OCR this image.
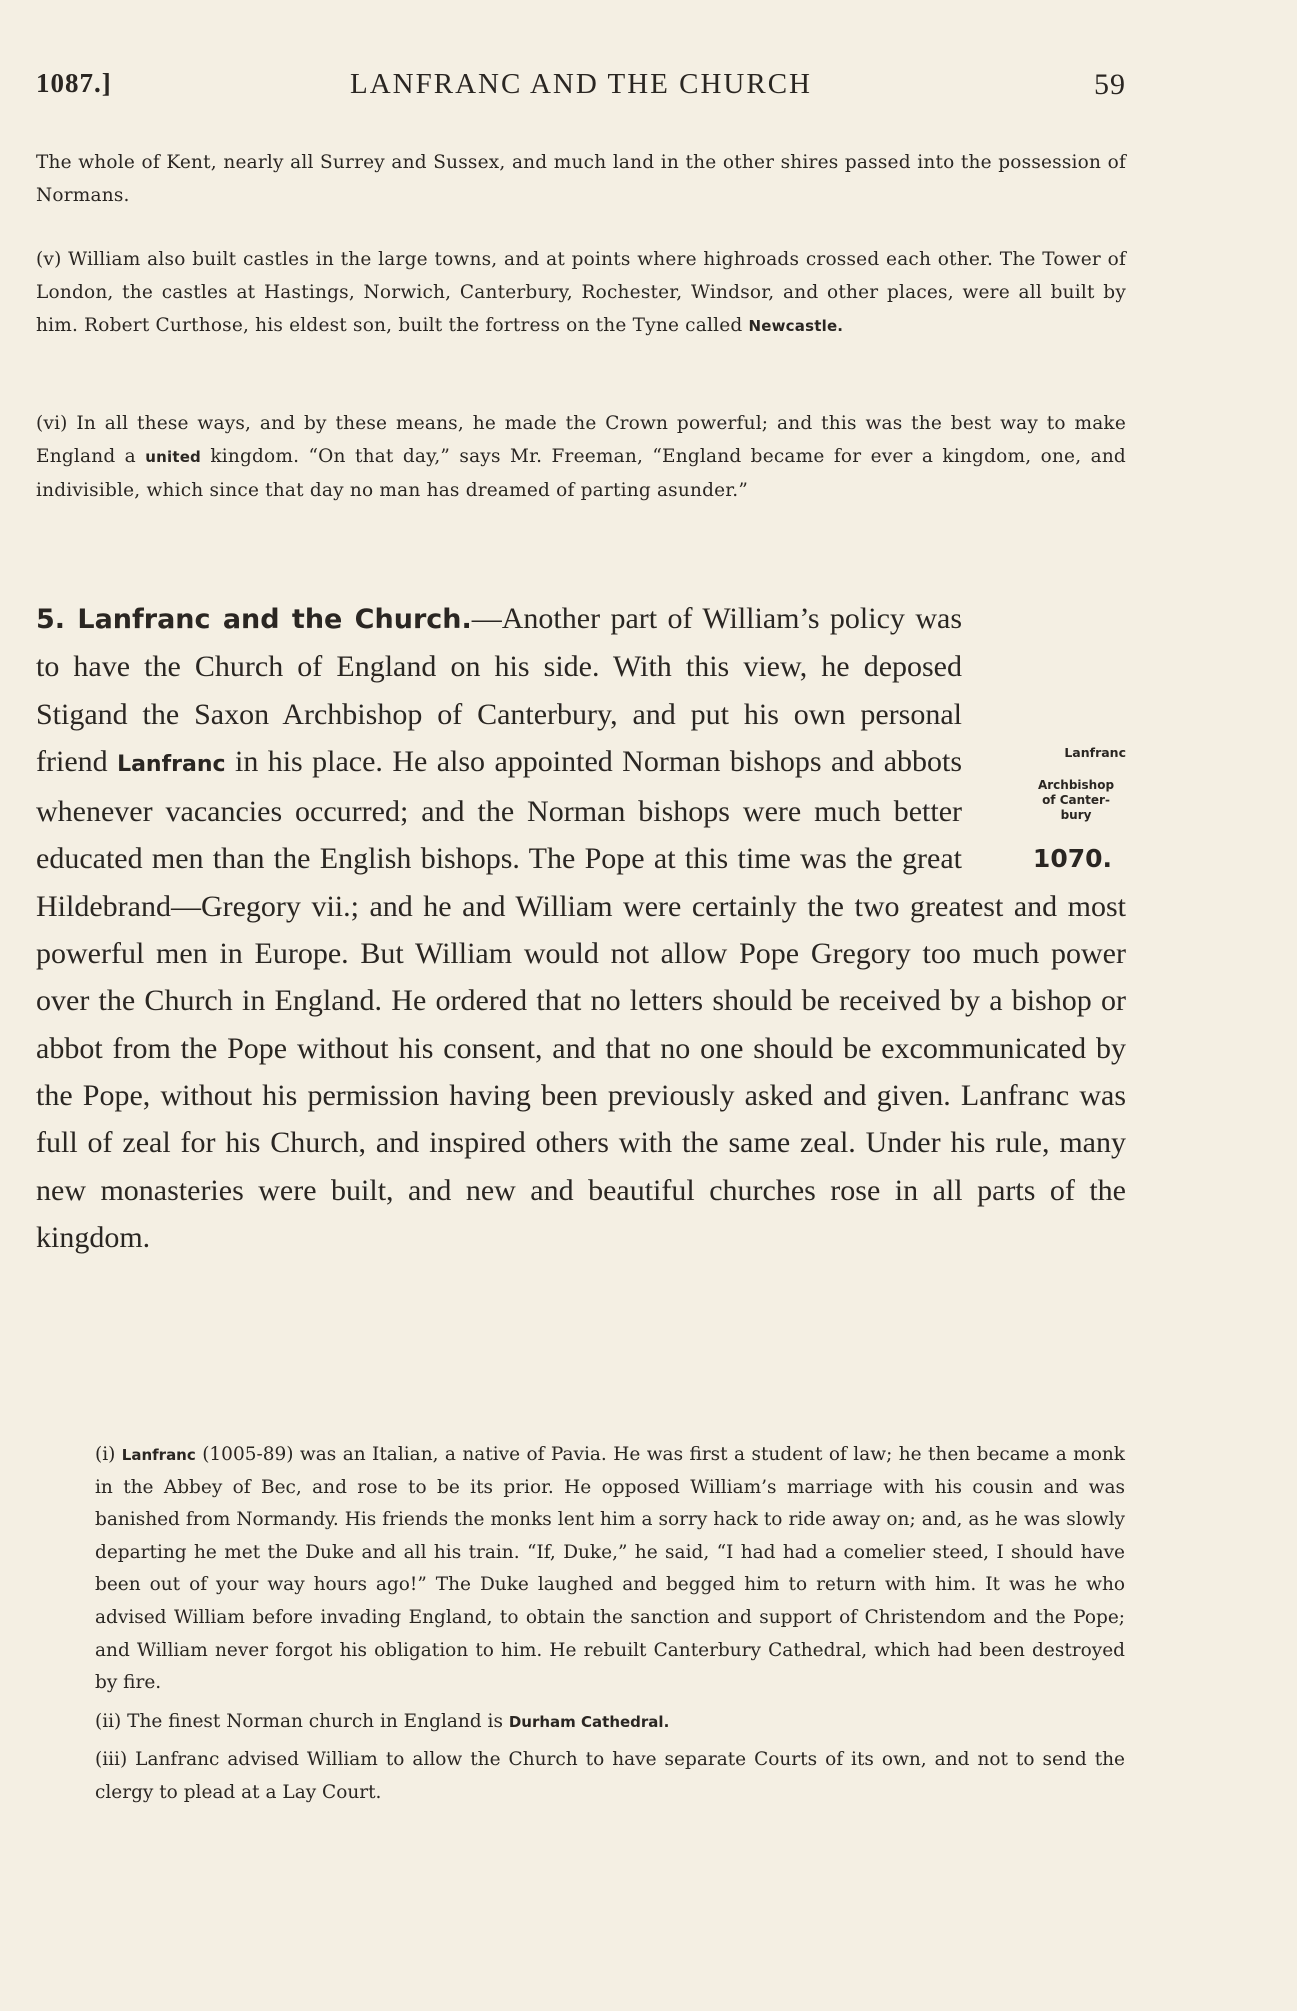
1087.]	LANFRANC AND THE CHURCH	59

The whole of Kent, nearly all Surrey and Sussex, and much land in the other shires passed into the possession of Normans.

(v) William also built castles in the large towns, and at points where highroads crossed each other. The Tower of London, the castles at Hastings, Norwich, Canterbury, Rochester, Windsor, and other places, were all built by him. Robert Curthose, his eldest son, built the fortress on the Tyne called Newcastle.

(vi) In all these ways, and by these means, he made the Crown powerful; and this was the best way to make England a united kingdom. “On that day,” says Mr. Freeman, “England became for ever a kingdom, one, and indivisible, which since that day no man has dreamed of parting asunder.”

Lanfranc
Archbishop
of Canter-
bury
1070.
5. Lanfranc and the Church.—Another part of William’s policy was to have the Church of England on his side. With this view, he deposed Stigand the Saxon Archbishop of Canterbury, and put his own personal friend Lanfranc in his place. He also appointed Norman bishops and abbots whenever vacancies occurred; and the Norman bishops were much better educated men than the English bishops. The Pope at this time was the great Hildebrand—Gregory vii.; and he and William were certainly the two greatest and most powerful men in Europe. But William would not allow Pope Gregory too much power over the Church in England. He ordered that no letters should be received by a bishop or abbot from the Pope without his consent, and that no one should be excommunicated by the Pope, without his permission having been previously asked and given. Lanfranc was full of zeal for his Church, and inspired others with the same zeal. Under his rule, many new monasteries were built, and new and beautiful churches rose in all parts of the kingdom.

(i) Lanfranc (1005-89) was an Italian, a native of Pavia. He was first a student of law; he then became a monk in the Abbey of Bec, and rose to be its prior. He opposed William’s marriage with his cousin and was banished from Normandy. His friends the monks lent him a sorry hack to ride away on; and, as he was slowly departing he met the Duke and all his train. “If, Duke,” he said, “I had had a comelier steed, I should have been out of your way hours ago!” The Duke laughed and begged him to return with him. It was he who advised William before invading England, to obtain the sanction and support of Christendom and the Pope; and William never forgot his obligation to him. He rebuilt Canterbury Cathedral, which had been destroyed by fire.

(ii) The finest Norman church in England is Durham Cathedral.

(iii) Lanfranc advised William to allow the Church to have separate Courts of its own, and not to send the clergy to plead at a Lay Court.
